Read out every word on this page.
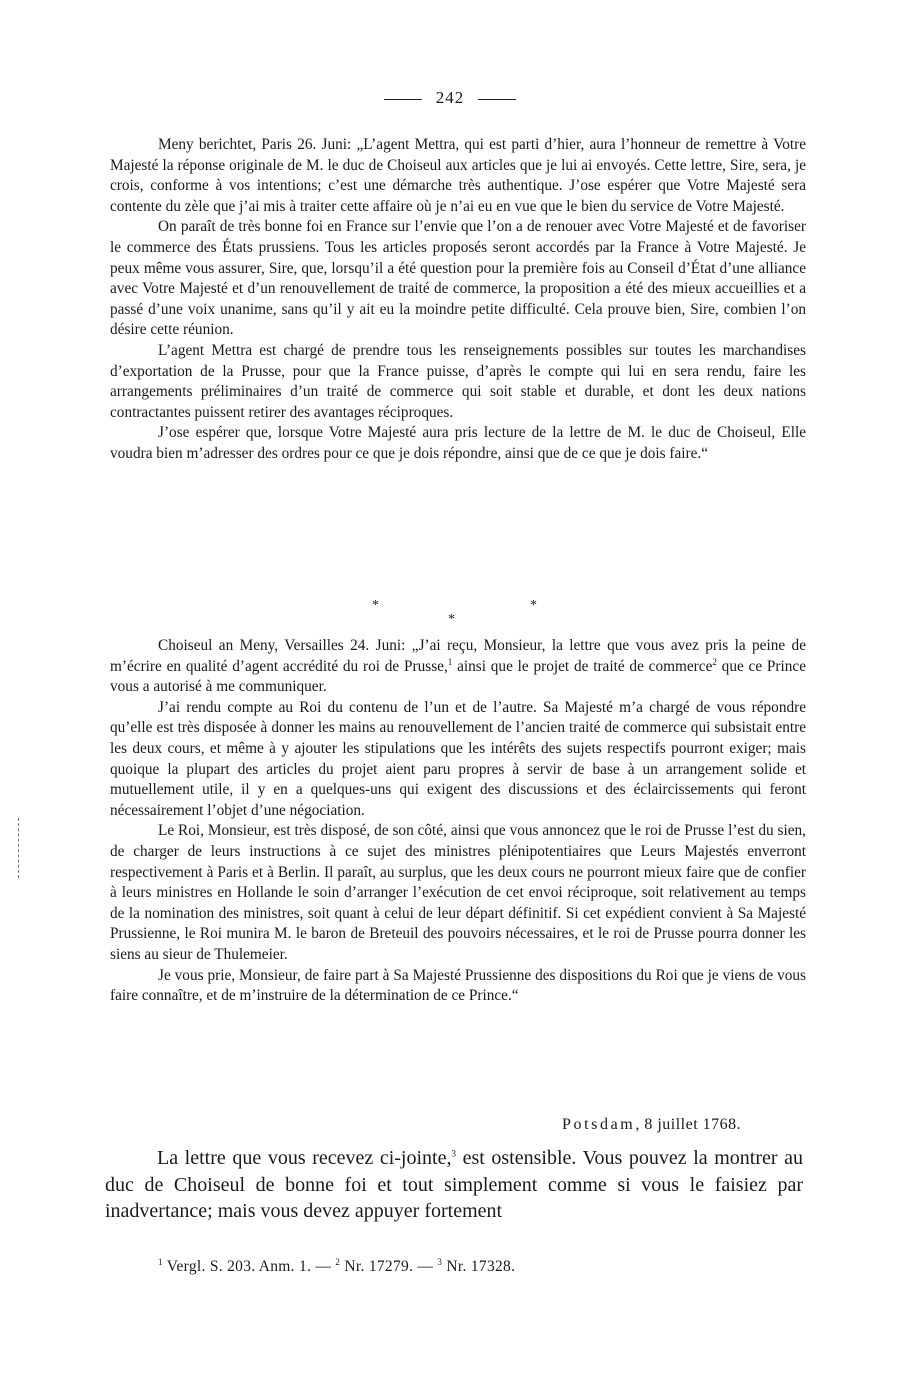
242

Meny berichtet, Paris 26. Juni: „L’agent Mettra, qui est parti d’hier, aura l’honneur de remettre à Votre Majesté la réponse originale de M. le duc de Choiseul aux articles que je lui ai envoyés. Cette lettre, Sire, sera, je crois, conforme à vos intentions; c’est une démarche très authentique. J’ose espérer que Votre Majesté sera contente du zèle que j’ai mis à traiter cette affaire où je n’ai eu en vue que le bien du service de Votre Majesté.

On paraît de très bonne foi en France sur l’envie que l’on a de renouer avec Votre Majesté et de favoriser le commerce des États prussiens. Tous les articles proposés seront accordés par la France à Votre Majesté. Je peux même vous assurer, Sire, que, lorsqu’il a été question pour la première fois au Conseil d’État d’une alliance avec Votre Majesté et d’un renouvellement de traité de commerce, la proposition a été des mieux accueillies et a passé d’une voix unanime, sans qu’il y ait eu la moindre petite difficulté. Cela prouve bien, Sire, combien l’on désire cette réunion.

L’agent Mettra est chargé de prendre tous les renseignements possibles sur toutes les marchandises d’exportation de la Prusse, pour que la France puisse, d’après le compte qui lui en sera rendu, faire les arrangements préliminaires d’un traité de commerce qui soit stable et durable, et dont les deux nations contractantes puissent retirer des avantages réciproques.

J’ose espérer que, lorsque Votre Majesté aura pris lecture de la lettre de M. le duc de Choiseul, Elle voudra bien m’adresser des ordres pour ce que je dois répondre, ainsi que de ce que je dois faire.“

*
*
*

Choiseul an Meny, Versailles 24. Juni: „J’ai reçu, Monsieur, la lettre que vous avez pris la peine de m’écrire en qualité d’agent accrédité du roi de Prusse,$^1$ ainsi que le projet de traité de commerce$^2$ que ce Prince vous a autorisé à me communiquer.

J’ai rendu compte au Roi du contenu de l’un et de l’autre. Sa Majesté m’a chargé de vous répondre qu’elle est très disposée à donner les mains au renouvellement de l’ancien traité de commerce qui subsistait entre les deux cours, et même à y ajouter les stipulations que les intérêts des sujets respectifs pourront exiger; mais quoique la plupart des articles du projet aient paru propres à servir de base à un arrangement solide et mutuellement utile, il y en a quelques-uns qui exigent des discussions et des éclaircissements qui feront nécessairement l’objet d’une négociation.

Le Roi, Monsieur, est très disposé, de son côté, ainsi que vous annoncez que le roi de Prusse l’est du sien, de charger de leurs instructions à ce sujet des ministres plénipotentiaires que Leurs Majestés enverront respectivement à Paris et à Berlin. Il paraît, au surplus, que les deux cours ne pourront mieux faire que de confier à leurs ministres en Hollande le soin d’arranger l’exécution de cet envoi réciproque, soit relativement au temps de la nomination des ministres, soit quant à celui de leur départ définitif. Si cet expédient convient à Sa Majesté Prussienne, le Roi munira M. le baron de Breteuil des pouvoirs nécessaires, et le roi de Prusse pourra donner les siens au sieur de Thulemeier.

Je vous prie, Monsieur, de faire part à Sa Majesté Prussienne des dispositions du Roi que je viens de vous faire connaître, et de m’instruire de la détermination de ce Prince.“

Potsdam, 8 juillet 1768.

La lettre que vous recevez ci-jointe,$^3$ est ostensible. Vous pouvez la montrer au duc de Choiseul de bonne foi et tout simplement comme si vous le faisiez par inadvertance; mais vous devez appuyer fortement

$^1$ Vergl. S. 203. Anm. 1. — $^2$ Nr. 17279. — $^3$ Nr. 17328.
